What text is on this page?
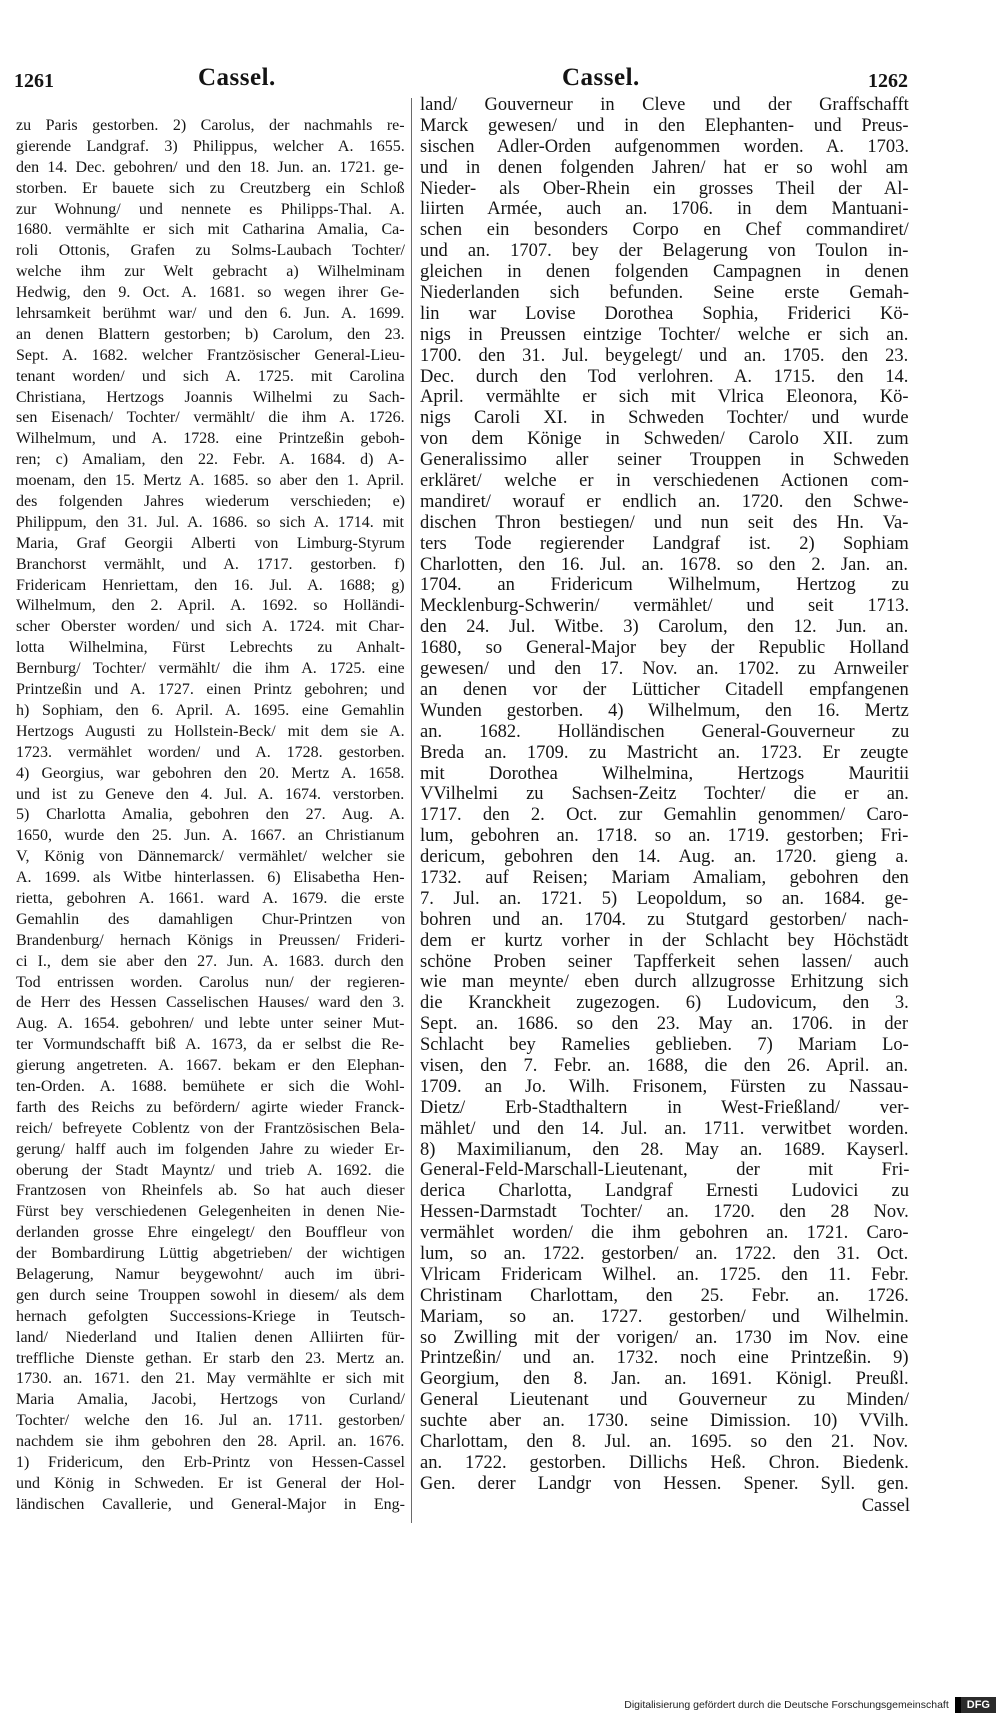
1261	Cassel.	Cassel.	1262
zu Paris gestorben. 2) Carolus, der nachmahls re-
gierende Landgraf. 3) Philippus, welcher A. 1655.
den 14. Dec. gebohren/ und den 18. Jun. an. 1721. ge-
storben. Er bauete sich zu Creutzberg ein Schloß
zur Wohnung/ und nennete es Philipps-Thal. A.
1680. vermählte er sich mit Catharina Amalia, Ca-
roli Ottonis, Grafen zu Solms-Laubach Tochter/
welche ihm zur Welt gebracht a) Wilhelminam
Hedwig, den 9. Oct. A. 1681. so wegen ihrer Ge-
lehrsamkeit berühmt war/ und den 6. Jun. A. 1699.
an denen Blattern gestorben; b) Carolum, den 23.
Sept. A. 1682. welcher Frantzösischer General-Lieu-
tenant worden/ und sich A. 1725. mit Carolina
Christiana, Hertzogs Joannis Wilhelmi zu Sach-
sen Eisenach/ Tochter/ vermählt/ die ihm A. 1726.
Wilhelmum, und A. 1728. eine Printzeßin geboh-
ren; c) Amaliam, den 22. Febr. A. 1684. d) A-
moenam, den 15. Mertz A. 1685. so aber den 1. April.
des folgenden Jahres wiederum verschieden; e)
Philippum, den 31. Jul. A. 1686. so sich A. 1714. mit
Maria, Graf Georgii Alberti von Limburg-Styrum
Branchorst vermählt, und A. 1717. gestorben. f)
Fridericam Henriettam, den 16. Jul. A. 1688; g)
Wilhelmum, den 2. April. A. 1692. so Holländi-
scher Oberster worden/ und sich A. 1724. mit Char-
lotta Wilhelmina, Fürst Lebrechts zu Anhalt-
Bernburg/ Tochter/ vermählt/ die ihm A. 1725. eine
Printzeßin und A. 1727. einen Printz gebohren; und
h) Sophiam, den 6. April. A. 1695. eine Gemahlin
Hertzogs Augusti zu Hollstein-Beck/ mit dem sie A.
1723. vermählet worden/ und A. 1728. gestorben.
4) Georgius, war gebohren den 20. Mertz A. 1658.
und ist zu Geneve den 4. Jul. A. 1674. verstorben.
5) Charlotta Amalia, gebohren den 27. Aug. A.
1650, wurde den 25. Jun. A. 1667. an Christianum
V, König von Dännemarck/ vermählet/ welcher sie
A. 1699. als Witbe hinterlassen. 6) Elisabetha Hen-
rietta, gebohren A. 1661. ward A. 1679. die erste
Gemahlin des damahligen Chur-Printzen von
Brandenburg/ hernach Königs in Preussen/ Frideri-
ci I., dem sie aber den 27. Jun. A. 1683. durch den
Tod entrissen worden. Carolus nun/ der regieren-
de Herr des Hessen Casselischen Hauses/ ward den 3.
Aug. A. 1654. gebohren/ und lebte unter seiner Mut-
ter Vormundschafft biß A. 1673, da er selbst die Re-
gierung angetreten. A. 1667. bekam er den Elephan-
ten-Orden. A. 1688. bemühete er sich die Wohl-
farth des Reichs zu befördern/ agirte wieder Franck-
reich/ befreyete Coblentz von der Frantzösischen Bela-
gerung/ halff auch im folgenden Jahre zu wieder Er-
oberung der Stadt Mayntz/ und trieb A. 1692. die
Frantzosen von Rheinfels ab. So hat auch dieser
Fürst bey verschiedenen Gelegenheiten in denen Nie-
derlanden grosse Ehre eingelegt/ den Bouffleur von
der Bombardirung Lüttig abgetrieben/ der wichtigen
Belagerung, Namur beygewohnt/ auch im übri-
gen durch seine Trouppen sowohl in diesem/ als dem
hernach gefolgten Successions-Kriege in Teutsch-
land/ Niederland und Italien denen Alliirten für-
treffliche Dienste gethan. Er starb den 23. Mertz an.
1730. an. 1671. den 21. May vermählte er sich mit
Maria Amalia, Jacobi, Hertzogs von Curland/
Tochter/ welche den 16. Jul an. 1711. gestorben/
nachdem sie ihm gebohren den 28. April. an. 1676.
1) Fridericum, den Erb-Printz von Hessen-Cassel
und König in Schweden. Er ist General der Hol-
ländischen Cavallerie, und General-Major in Eng-
land/ Gouverneur in Cleve und der Graffschafft
Marck gewesen/ und in den Elephanten- und Preus-
sischen Adler-Orden aufgenommen worden. A. 1703.
und in denen folgenden Jahren/ hat er so wohl am
Nieder- als Ober-Rhein ein grosses Theil der Al-
liirten Armée, auch an. 1706. in dem Mantuani-
schen ein besonders Corpo en Chef commandiret/
und an. 1707. bey der Belagerung von Toulon in-
gleichen in denen folgenden Campagnen in denen
Niederlanden sich befunden. Seine erste Gemah-
lin war Lovise Dorothea Sophia, Friderici Kö-
nigs in Preussen eintzige Tochter/ welche er sich an.
1700. den 31. Jul. beygelegt/ und an. 1705. den 23.
Dec. durch den Tod verlohren. A. 1715. den 14.
April. vermählte er sich mit Vlrica Eleonora, Kö-
nigs Caroli XI. in Schweden Tochter/ und wurde
von dem Könige in Schweden/ Carolo XII. zum
Generalissimo aller seiner Trouppen in Schweden
erkläret/ welche er in verschiedenen Actionen com-
mandiret/ worauf er endlich an. 1720. den Schwe-
dischen Thron bestiegen/ und nun seit des Hn. Va-
ters Tode regierender Landgraf ist. 2) Sophiam
Charlotten, den 16. Jul. an. 1678. so den 2. Jan. an.
1704. an Fridericum Wilhelmum, Hertzog zu
Mecklenburg-Schwerin/ vermählet/ und seit 1713.
den 24. Jul. Witbe. 3) Carolum, den 12. Jun. an.
1680, so General-Major bey der Republic Holland
gewesen/ und den 17. Nov. an. 1702. zu Arnweiler
an denen vor der Lütticher Citadell empfangenen
Wunden gestorben. 4) Wilhelmum, den 16. Mertz
an. 1682. Holländischen General-Gouverneur zu
Breda an. 1709. zu Mastricht an. 1723. Er zeugte
mit Dorothea Wilhelmina, Hertzogs Mauritii
VVilhelmi zu Sachsen-Zeitz Tochter/ die er an.
1717. den 2. Oct. zur Gemahlin genommen/ Caro-
lum, gebohren an. 1718. so an. 1719. gestorben; Fri-
dericum, gebohren den 14. Aug. an. 1720. gieng a.
1732. auf Reisen; Mariam Amaliam, gebohren den
7. Jul. an. 1721. 5) Leopoldum, so an. 1684. ge-
bohren und an. 1704. zu Stutgard gestorben/ nach-
dem er kurtz vorher in der Schlacht bey Höchstädt
schöne Proben seiner Tapfferkeit sehen lassen/ auch
wie man meynte/ eben durch allzugrosse Erhitzung sich
die Kranckheit zugezogen. 6) Ludovicum, den 3.
Sept. an. 1686. so den 23. May an. 1706. in der
Schlacht bey Ramelies geblieben. 7) Mariam Lo-
visen, den 7. Febr. an. 1688, die den 26. April. an.
1709. an Jo. Wilh. Frisonem, Fürsten zu Nassau-
Dietz/ Erb-Stadthaltern in West-Frießland/ ver-
mählet/ und den 14. Jul. an. 1711. verwitbet worden.
8) Maximilianum, den 28. May an. 1689. Kayserl.
General-Feld-Marschall-Lieutenant, der mit Fri-
derica Charlotta, Landgraf Ernesti Ludovici zu
Hessen-Darmstadt Tochter/ an. 1720. den 28 Nov.
vermählet worden/ die ihm gebohren an. 1721. Caro-
lum, so an. 1722. gestorben/ an. 1722. den 31. Oct.
Vlricam Fridericam Wilhel. an. 1725. den 11. Febr.
Christinam Charlottam, den 25. Febr. an. 1726.
Mariam, so an. 1727. gestorben/ und Wilhelmin.
so Zwilling mit der vorigen/ an. 1730 im Nov. eine
Printzeßin/ und an. 1732. noch eine Printzeßin. 9)
Georgium, den 8. Jan. an. 1691. Königl. Preußl.
General Lieutenant und Gouverneur zu Minden/
suchte aber an. 1730. seine Dimission. 10) VVilh.
Charlottam, den 8. Jul. an. 1695. so den 21. Nov.
an. 1722. gestorben. Dillichs Heß. Chron. Biedenk.
Gen. derer Landgr von Hessen. Spener. Syll. gen.
Cassel
Digitalisierung gefördert durch die Deutsche Forschungsgemeinschaft	DFG
